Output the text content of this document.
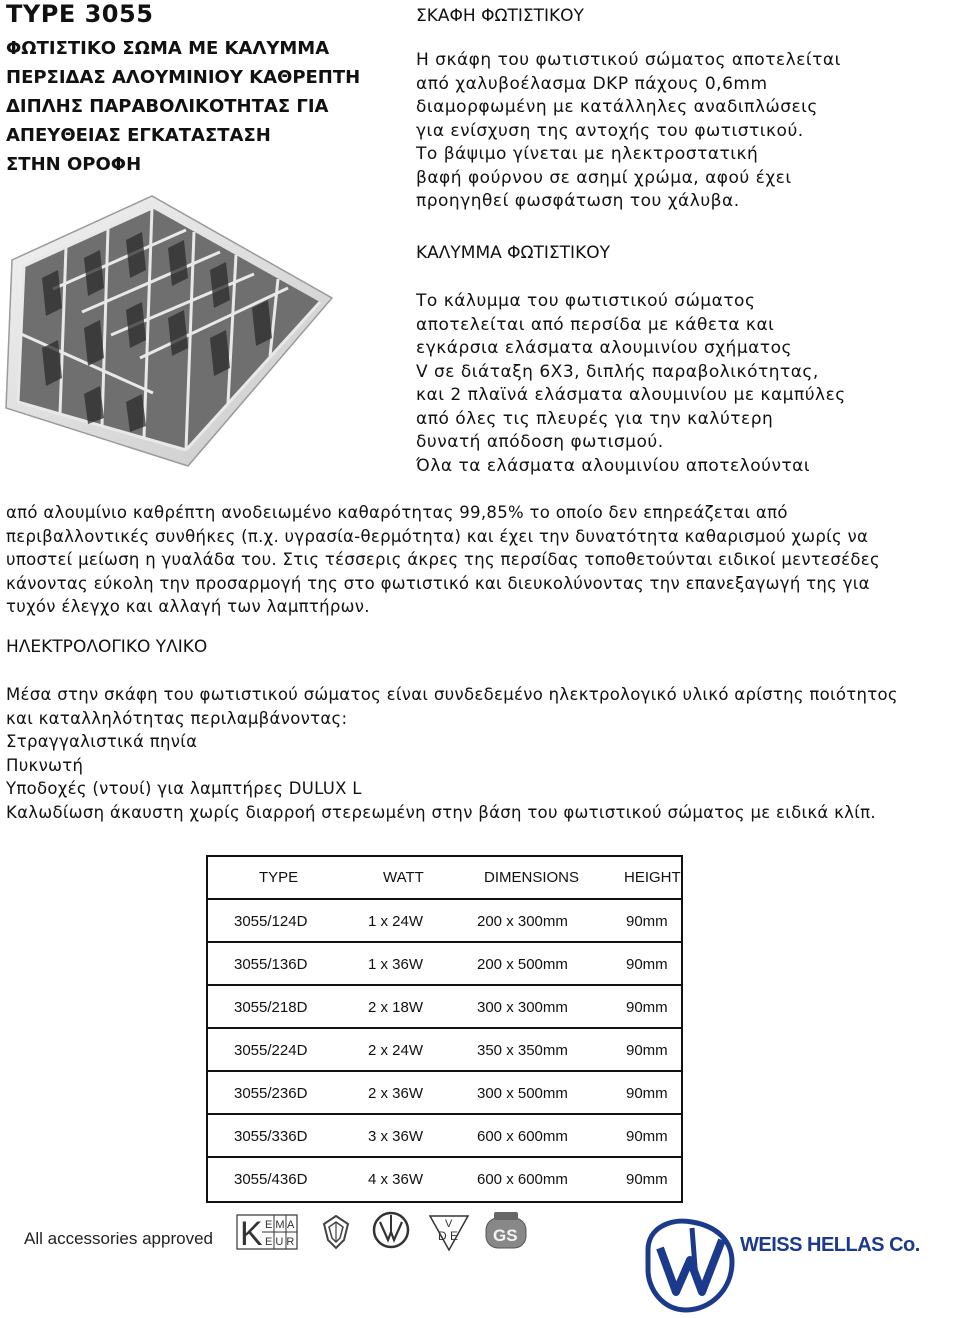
TYPE 3055
ΦΩΤΙΣΤΙΚΟ ΣΩΜΑ ΜΕ ΚΑΛΥΜΜΑ
ΠΕΡΣΙΔΑΣ ΑΛΟΥΜΙΝΙΟΥ ΚΑΘΡΕΠΤΗ
ΔΙΠΛΗΣ ΠΑΡΑΒΟΛΙΚΟΤΗΤΑΣ ΓΙΑ
ΑΠΕΥΘΕΙΑΣ ΕΓΚΑΤΑΣΤΑΣΗ
ΣΤΗΝ ΟΡΟΦΗ
ΣΚΑΦΗ ΦΩΤΙΣΤΙΚΟΥ
Η σκάφη του φωτιστικού σώματος αποτελείται
από χαλυβοέλασμα DKP πάχους 0,6mm
διαμορφωμένη με κατάλληλες αναδιπλώσεις
για ενίσχυση της αντοχής του φωτιστικού.
Το βάψιμο γίνεται με ηλεκτροστατική
βαφή φούρνου σε ασημί χρώμα, αφού έχει
προηγηθεί φωσφάτωση του χάλυβα.
ΚΑΛΥΜΜΑ ΦΩΤΙΣΤΙΚΟΥ
Το κάλυμμα του φωτιστικού σώματος
αποτελείται από περσίδα με κάθετα και
εγκάρσια ελάσματα αλουμινίου σχήματος
V σε διάταξη 6Χ3, διπλής παραβολικότητας,
και 2 πλαϊνά ελάσματα αλουμινίου με καμπύλες
από όλες τις πλευρές για την καλύτερη
δυνατή απόδοση φωτισμού.
Όλα τα ελάσματα αλουμινίου αποτελούνται
από αλουμίνιο καθρέπτη ανοδειωμένο καθαρότητας 99,85% το οποίο δεν επηρεάζεται από
περιβαλλοντικές συνθήκες (π.χ. υγρασία-θερμότητα) και έχει την δυνατότητα καθαρισμού χωρίς να
υποστεί μείωση η γυαλάδα του. Στις τέσσερις άκρες της περσίδας τοποθετούνται ειδικοί μεντεσέδες
κάνοντας εύκολη την προσαρμογή της στο φωτιστικό και διευκολύνοντας την επανεξαγωγή της για
τυχόν έλεγχο και αλλαγή των λαμπτήρων.
ΗΛΕΚΤΡΟΛΟΓΙΚΟ ΥΛΙΚΟ
Μέσα στην σκάφη του φωτιστικού σώματος είναι συνδεδεμένο ηλεκτρολογικό υλικό αρίστης ποιότητος
και καταλληλότητας περιλαμβάνοντας:
Στραγγαλιστικά πηνία
Πυκνωτή
Υποδοχές (ντουί) για λαμπτήρες DULUX L
Καλωδίωση άκαυστη χωρίς διαρροή στερεωμένη στην βάση του φωτιστικού σώματος με ειδικά κλίπ.
TYPE	WATT	DIMENSIONS	HEIGHT
3055/124D	1 x 24W	200 x 300mm	90mm
3055/136D	1 x 36W	200 x 500mm	90mm
3055/218D	2 x 18W	300 x 300mm	90mm
3055/224D	2 x 24W	350 x 350mm	90mm
3055/236D	2 x 36W	300 x 500mm	90mm
3055/336D	3 x 36W	600 x 600mm	90mm
3055/436D	4 x 36W	600 x 600mm	90mm
All accessories approved K E M A
E U R
V
D E GS	WEISS HELLAS Co.
